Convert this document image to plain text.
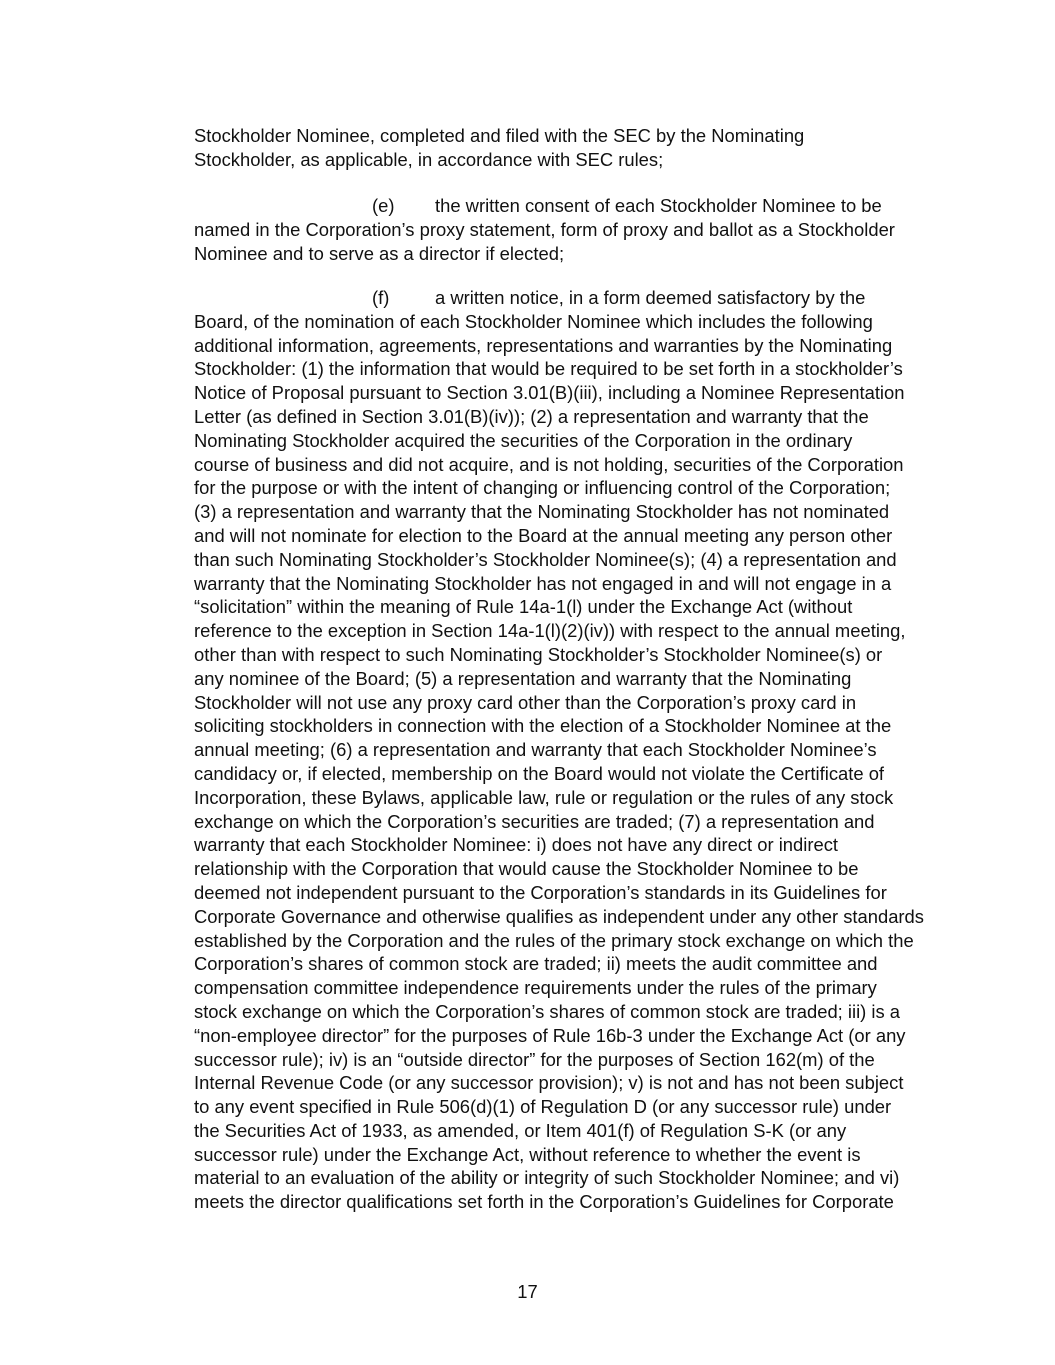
Stockholder Nominee, completed and filed with the SEC by the Nominating
Stockholder, as applicable, in accordance with SEC rules;

(e) the written consent of each Stockholder Nominee to be
named in the Corporation’s proxy statement, form of proxy and ballot as a Stockholder
Nominee and to serve as a director if elected;

(f) a written notice, in a form deemed satisfactory by the
Board, of the nomination of each Stockholder Nominee which includes the following
additional information, agreements, representations and warranties by the Nominating
Stockholder: (1) the information that would be required to be set forth in a stockholder’s
Notice of Proposal pursuant to Section 3.01(B)(iii), including a Nominee Representation
Letter (as defined in Section 3.01(B)(iv)); (2) a representation and warranty that the
Nominating Stockholder acquired the securities of the Corporation in the ordinary
course of business and did not acquire, and is not holding, securities of the Corporation
for the purpose or with the intent of changing or influencing control of the Corporation;
(3) a representation and warranty that the Nominating Stockholder has not nominated
and will not nominate for election to the Board at the annual meeting any person other
than such Nominating Stockholder’s Stockholder Nominee(s); (4) a representation and
warranty that the Nominating Stockholder has not engaged in and will not engage in a
“solicitation” within the meaning of Rule 14a-1(l) under the Exchange Act (without
reference to the exception in Section 14a-1(l)(2)(iv)) with respect to the annual meeting,
other than with respect to such Nominating Stockholder’s Stockholder Nominee(s) or
any nominee of the Board; (5) a representation and warranty that the Nominating
Stockholder will not use any proxy card other than the Corporation’s proxy card in
soliciting stockholders in connection with the election of a Stockholder Nominee at the
annual meeting; (6) a representation and warranty that each Stockholder Nominee’s
candidacy or, if elected, membership on the Board would not violate the Certificate of
Incorporation, these Bylaws, applicable law, rule or regulation or the rules of any stock
exchange on which the Corporation’s securities are traded; (7) a representation and
warranty that each Stockholder Nominee: i) does not have any direct or indirect
relationship with the Corporation that would cause the Stockholder Nominee to be
deemed not independent pursuant to the Corporation’s standards in its Guidelines for
Corporate Governance and otherwise qualifies as independent under any other standards
established by the Corporation and the rules of the primary stock exchange on which the
Corporation’s shares of common stock are traded; ii) meets the audit committee and
compensation committee independence requirements under the rules of the primary
stock exchange on which the Corporation’s shares of common stock are traded; iii) is a
“non-employee director” for the purposes of Rule 16b-3 under the Exchange Act (or any
successor rule); iv) is an “outside director” for the purposes of Section 162(m) of the
Internal Revenue Code (or any successor provision); v) is not and has not been subject
to any event specified in Rule 506(d)(1) of Regulation D (or any successor rule) under
the Securities Act of 1933, as amended, or Item 401(f) of Regulation S-K (or any
successor rule) under the Exchange Act, without reference to whether the event is
material to an evaluation of the ability or integrity of such Stockholder Nominee; and vi)
meets the director qualifications set forth in the Corporation’s Guidelines for Corporate

17
